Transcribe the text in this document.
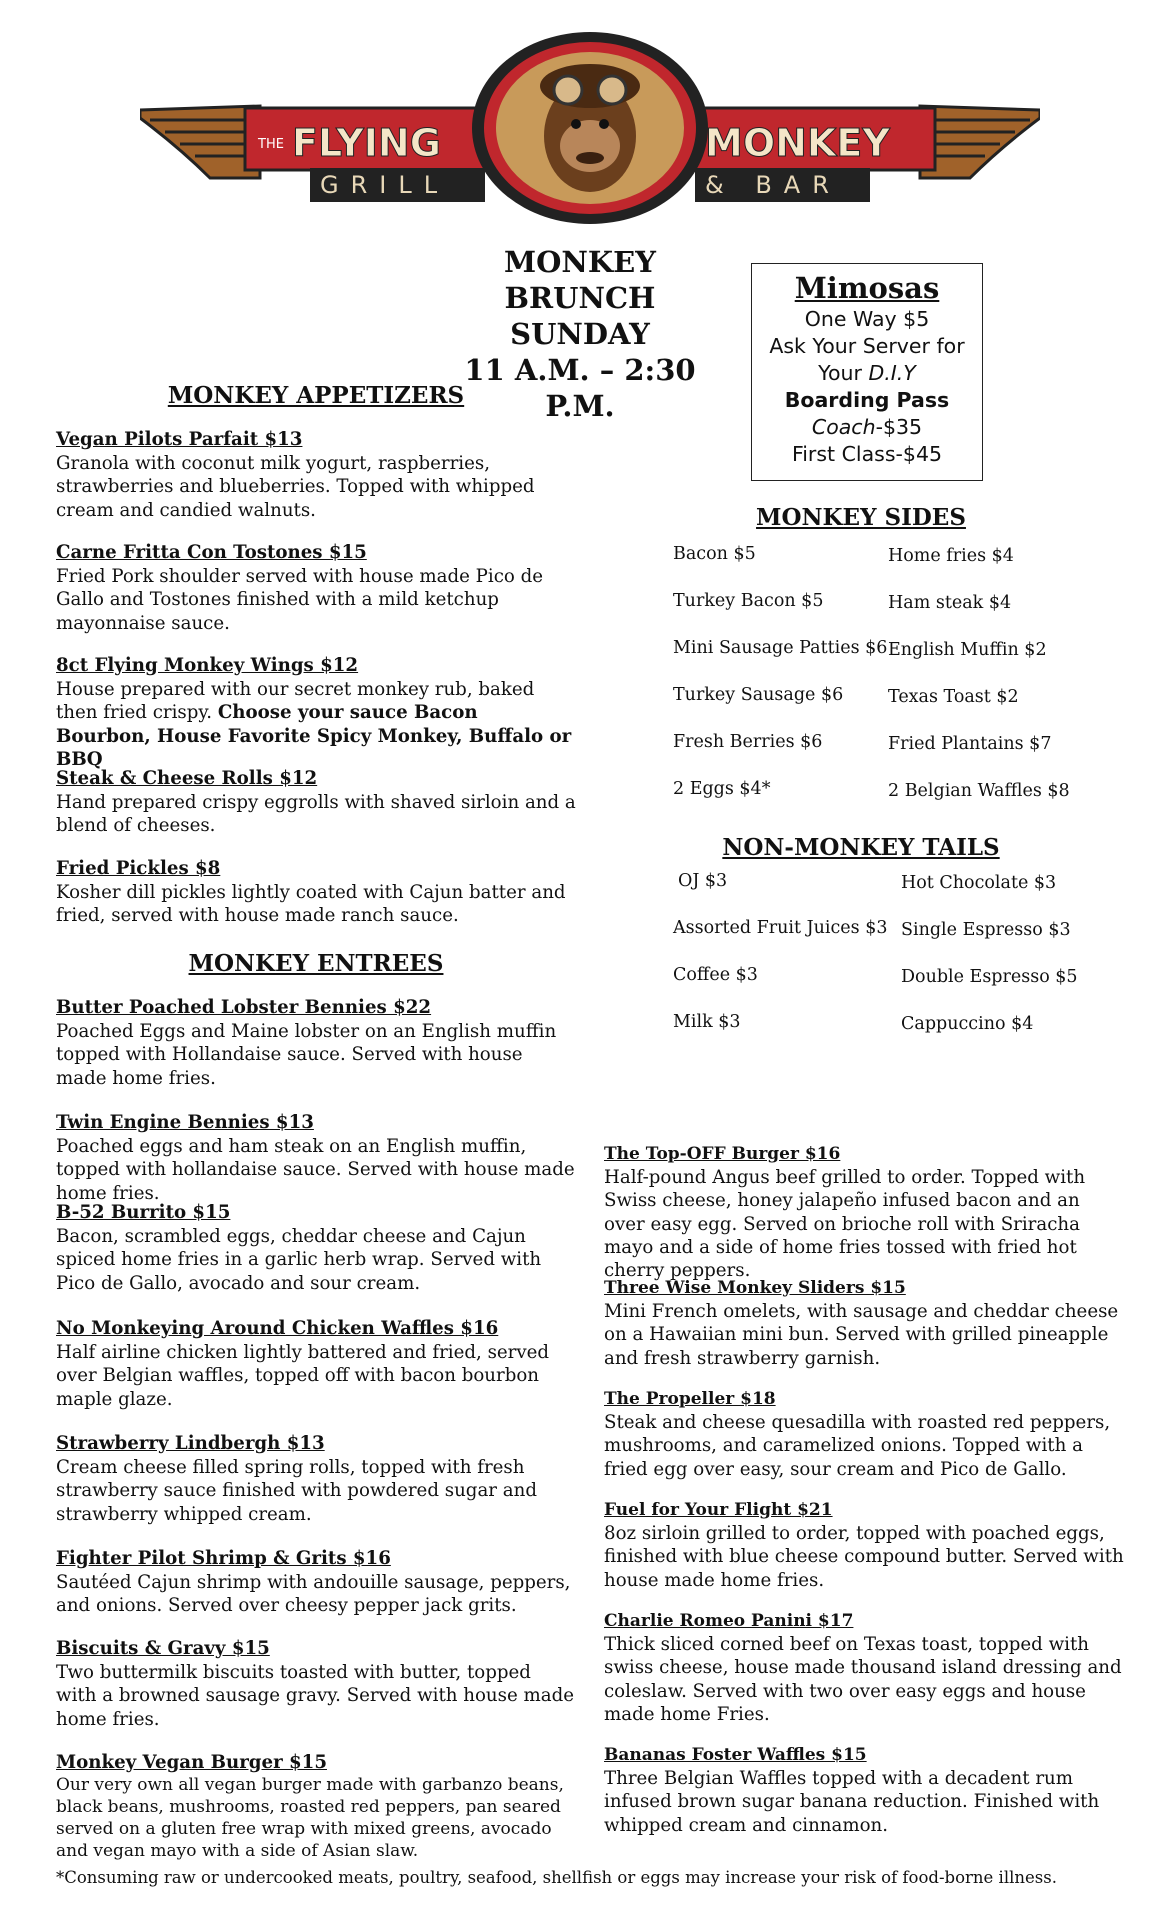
THE FLYING	MONKEY
GRILL	& BAR
MONKEY BRUNCH
SUNDAY
11 A.M. – 2:30 P.M.
Mimosas
One Way $5
Ask Your Server for
Your D.I.Y
Boarding Pass
Coach-$35
First Class-$45
MONKEY APPETIZERS
Vegan Pilots Parfait $13
Granola with coconut milk yogurt, raspberries, strawberries and blueberries. Topped with whipped cream and candied walnuts.
Carne Fritta Con Tostones $15
Fried Pork shoulder served with house made Pico de Gallo and Tostones finished with a mild ketchup mayonnaise sauce.
8ct Flying Monkey Wings $12
House prepared with our secret monkey rub, baked then fried crispy. Choose your sauce Bacon Bourbon, House Favorite Spicy Monkey, Buffalo or BBQ
Steak & Cheese Rolls $12
Hand prepared crispy eggrolls with shaved sirloin and a blend of cheeses.
Fried Pickles $8
Kosher dill pickles lightly coated with Cajun batter and fried, served with house made ranch sauce.
MONKEY ENTREES
Butter Poached Lobster Bennies $22
Poached Eggs and Maine lobster on an English muffin topped with Hollandaise sauce. Served with house made home fries.
Twin Engine Bennies $13
Poached eggs and ham steak on an English muffin, topped with hollandaise sauce. Served with house made home fries.
B-52 Burrito $15
Bacon, scrambled eggs, cheddar cheese and Cajun spiced home fries in a garlic herb wrap. Served with Pico de Gallo, avocado and sour cream.
No Monkeying Around Chicken Waffles $16
Half airline chicken lightly battered and fried, served over Belgian waffles, topped off with bacon bourbon maple glaze.
Strawberry Lindbergh $13
Cream cheese filled spring rolls, topped with fresh strawberry sauce finished with powdered sugar and strawberry whipped cream.
Fighter Pilot Shrimp & Grits $16
Sautéed Cajun shrimp with andouille sausage, peppers, and onions. Served over cheesy pepper jack grits.
Biscuits & Gravy $15
Two buttermilk biscuits toasted with butter, topped with a browned sausage gravy. Served with house made home fries.
Monkey Vegan Burger $15
Our very own all vegan burger made with garbanzo beans, black beans, mushrooms, roasted red peppers, pan seared served on a gluten free wrap with mixed greens, avocado and vegan mayo with a side of Asian slaw.
MONKEY SIDES
Bacon $5
Turkey Bacon $5
Mini Sausage Patties $6
Turkey Sausage $6
Fresh Berries $6
2 Eggs $4*
Home fries $4
Ham steak $4
English Muffin $2
Texas Toast $2
Fried Plantains $7
2 Belgian Waffles $8
NON-MONKEY TAILS
OJ $3
Assorted Fruit Juices $3
Coffee $3
Milk $3
Hot Chocolate $3
Single Espresso $3
Double Espresso $5
Cappuccino $4
The Top-OFF Burger $16
Half-pound Angus beef grilled to order. Topped with Swiss cheese, honey jalapeño infused bacon and an over easy egg. Served on brioche roll with Sriracha mayo and a side of home fries tossed with fried hot cherry peppers.
Three Wise Monkey Sliders $15
Mini French omelets, with sausage and cheddar cheese on a Hawaiian mini bun. Served with grilled pineapple and fresh strawberry garnish.
The Propeller $18
Steak and cheese quesadilla with roasted red peppers, mushrooms, and caramelized onions. Topped with a fried egg over easy, sour cream and Pico de Gallo.
Fuel for Your Flight $21
8oz sirloin grilled to order, topped with poached eggs, finished with blue cheese compound butter. Served with house made home fries.
Charlie Romeo Panini $17
Thick sliced corned beef on Texas toast, topped with swiss cheese, house made thousand island dressing and coleslaw. Served with two over easy eggs and house made home Fries.
Bananas Foster Waffles $15
Three Belgian Waffles topped with a decadent rum infused brown sugar banana reduction. Finished with whipped cream and cinnamon.
*Consuming raw or undercooked meats, poultry, seafood, shellfish or eggs may increase your risk of food-borne illness.
